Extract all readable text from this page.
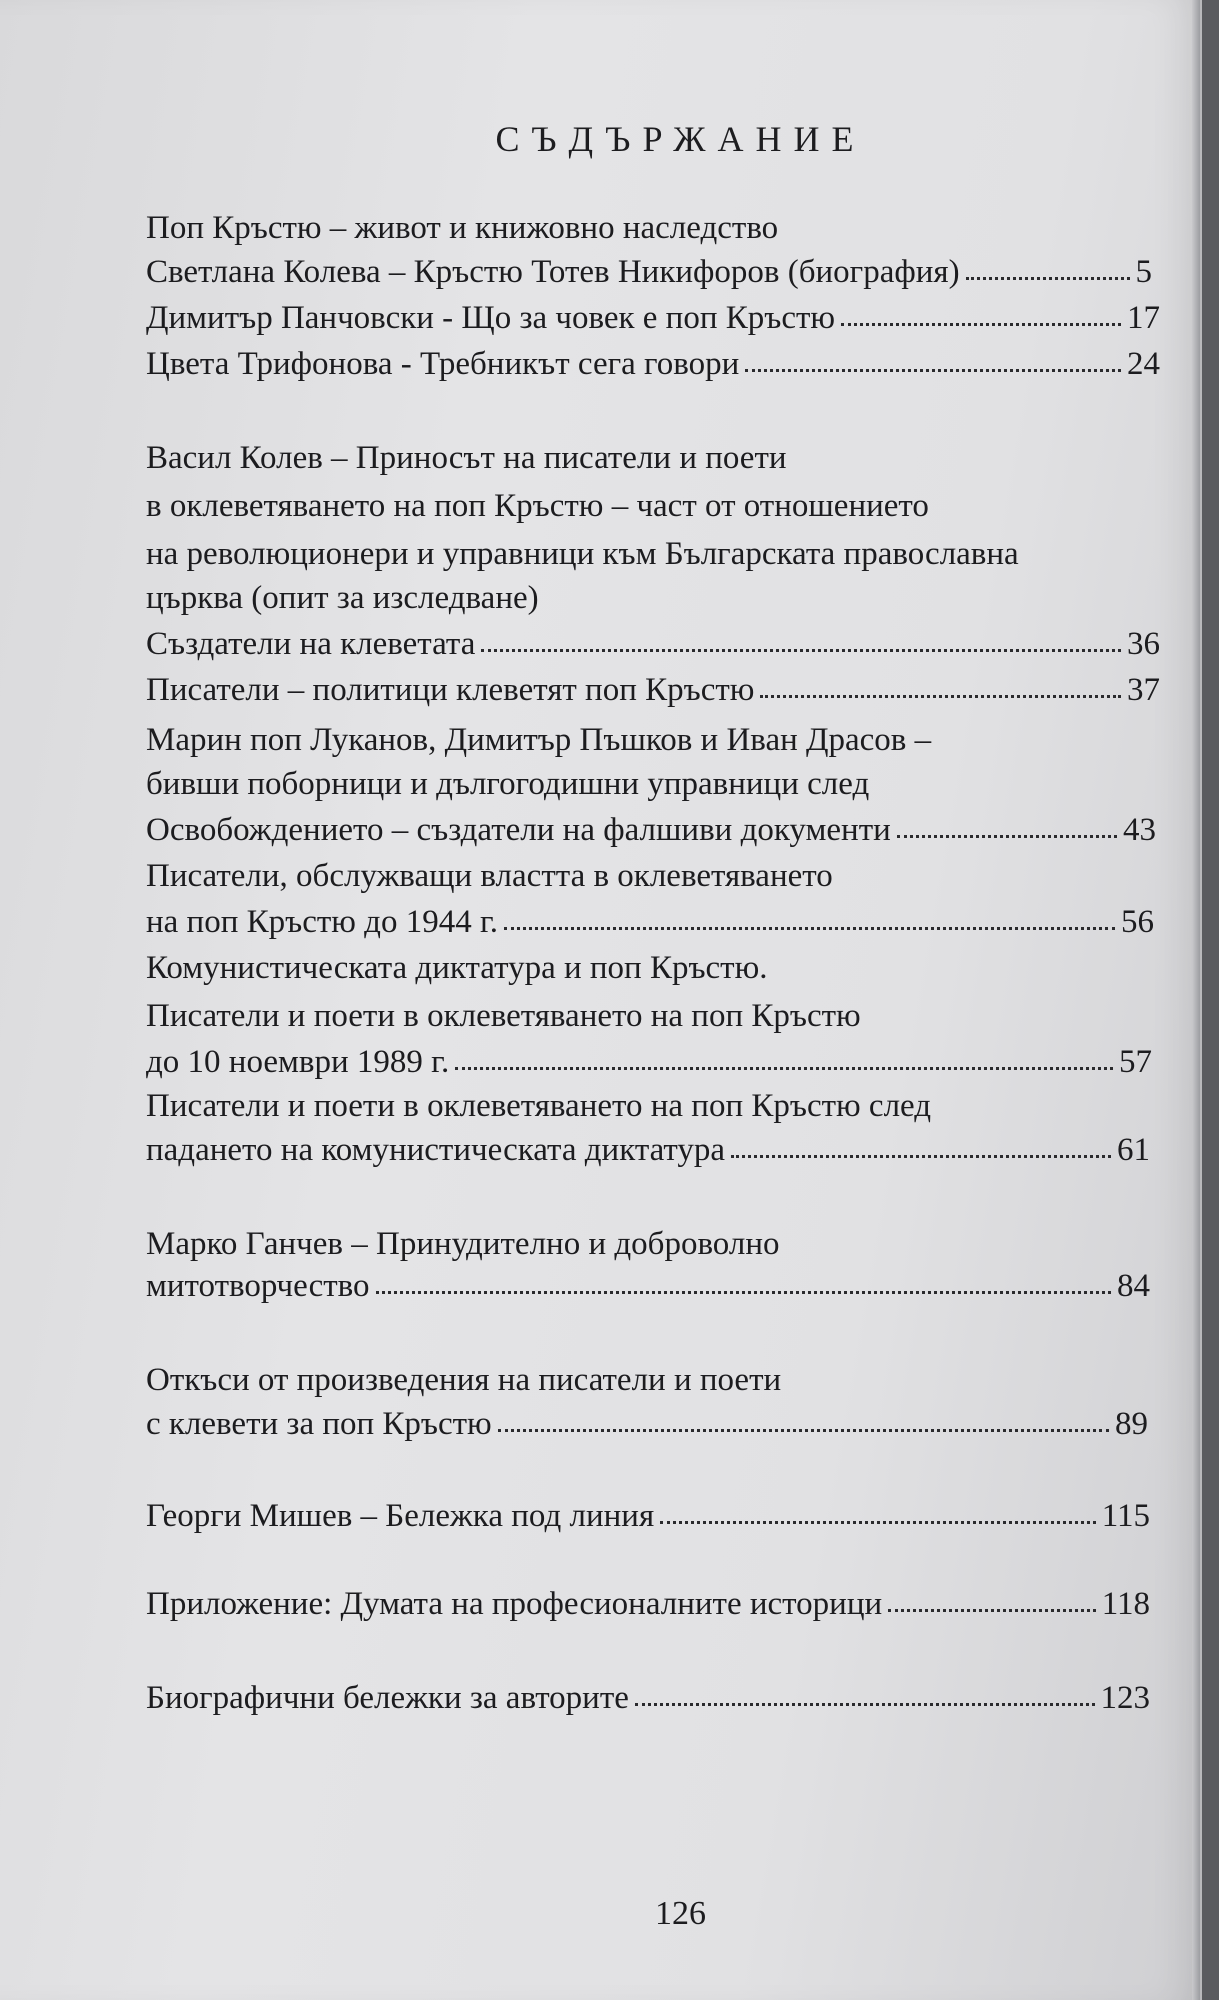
СЪДЪРЖАНИЕ
Поп Кръстю – живот и книжовно наследство
Светлана Колева – Кръстю Тотев Никифоров (биография)	5
Димитър Панчовски - Що за човек е поп Кръстю	17
Цвета Трифонова - Требникът сега говори	24
Васил Колев – Приносът на писатели и поети
в оклеветяването на поп Кръстю – част от отношението
на революционери и управници към Българската православна
църква (опит за изследване)
Създатели на клеветата	36
Писатели – политици клеветят поп Кръстю	37
Марин поп Луканов, Димитър Пъшков и Иван Драсов –
бивши поборници и дългогодишни управници след
Освобождението – създатели на фалшиви документи	43
Писатели, обслужващи властта в оклеветяването
на поп Кръстю до 1944 г.	56
Комунистическата диктатура и поп Кръстю.
Писатели и поети в оклеветяването на поп Кръстю
до 10 ноември 1989 г.	57
Писатели и поети в оклеветяването на поп Кръстю след
падането на комунистическата диктатура	61
Марко Ганчев – Принудително и доброволно
митотворчество	84
Откъси от произведения на писатели и поети
с клевети за поп Кръстю	89
Георги Мишев – Бележка под линия	115
Приложение: Думата на професионалните историци	118
Биографични бележки за авторите	123
126
